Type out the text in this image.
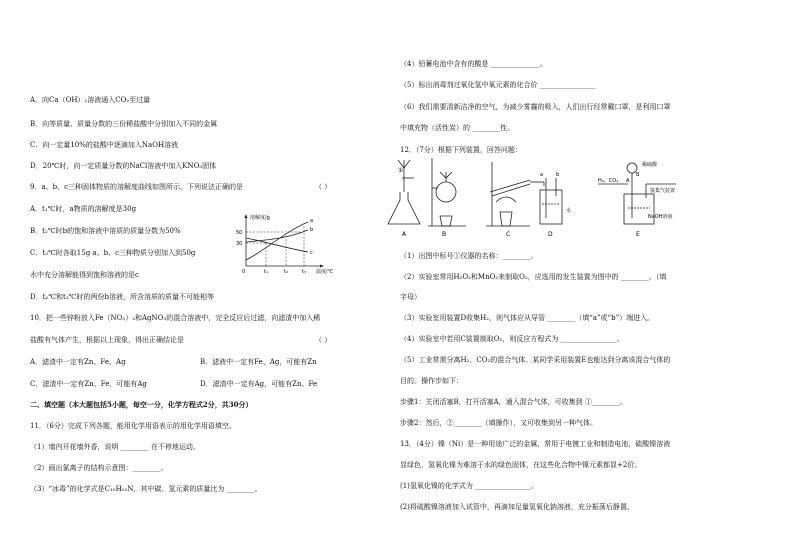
A．向Ca（OH）₂溶液通入CO₂至过量
B．向等质量、质量分数的三份稀盐酸中分别加入不同的金属
C．向一定量10%的盐酸中逐滴加入NaOH溶液
D．20℃时，向一定质量分数的NaCl溶液中加入KNO₃固体
9．a、b、c三种固体物质的溶解度曲线如图所示。下列说法正确的是	（ ）
A．t₁℃时，a物质的溶解度是30g
B．t₂℃时b的饱和溶液中溶质的质量分数为50%
C．t₃℃时各取15g a、b、c三种物质分别加入到50g
水中充分溶解能得到饱和溶液的是c
D．t₂℃和t₃℃时的两份b溶液，所含溶质的质量不可能相等
10．把一些锌粉放入Fe（NO₃）₂和AgNO₃的混合溶液中，完全反应后过滤，向滤渣中加入稀
盐酸有气体产生，根据以上现象，得出正确结论是	（ ）
A．滤渣中一定有Zn、Fe、Ag	B．滤液中一定有Fe、Ag，可能有Zn
C．滤渣中一定有Zn、Fe，可能有Ag	D．滤渣中一定有Ag，可能有Zn、Fe
二、填空题（本大题包括5小题，每空一分，化学方程式2分，共30分）
11．（6分）完成下列各题，能用化学用语表示的用化学用语填空。
（1）墙内开花墙外香，说明 ________ 在不停地运动。
（2）画出氯离子的结构示意图：________。
（3）“冰毒”的化学式是C₁₀H₁₅N，其中碳、氢元素的质量比为 ________。
溶解度/g
50
30
0	t₁	t₂	t₃ 温度/℃
a
b
c
（4）铅蓄电池中含有的酸是 ______________。
（5）标出消毒剂过氧化氢中氧元素的化合价 ________________
（6）我们需要清新洁净的空气，为减少雾霾的吸入，人们出行经常戴口罩，是利用口罩
中填充物（活性炭）的 ________性。
12．（7分）根据下列装置，回答问题：
（1）出图中标号①仪器的名称：________。
（2）实验室常用H₂O₂和MnO₂来制取O₂，应选用的发生装置为图中的 ________。（填
字母）
（3）实验室用装置D收集H₂，则气体应从导管 ________（填“a”或“b”）端进入。
（4）实验室中若用C装置制取O₂，则反应方程式为 ________________。
（5）工业常需分离H₂、CO₂的混合气体。某同学采用装置E也能达到分离该混合气体的
目的。操作步如下：
步骤1：关闭活塞B，打开活塞A，通入混合气体，可收集到 ①________。
步骤2：然后，②________（填操作），又可收集到另一种气体。
13．（4分）镍（Ni）是一种用途广泛的金属，常用于电镀工业和制造电池，硫酸镍溶液
显绿色，氢氧化镍为难溶于水的绿色固体，在这些化合物中镍元素都显+2价。
(1)氢氧化镍的化学式为 ________________。
(2)将硫酸镍溶液加入试管中，再滴加足量氢氧化钠溶液，充分振荡后静置。
①
A	B	C
a	b
水
D
H₂、CO₂
稀硫酸
接集气装置
NaOH溶液
A
B
E
